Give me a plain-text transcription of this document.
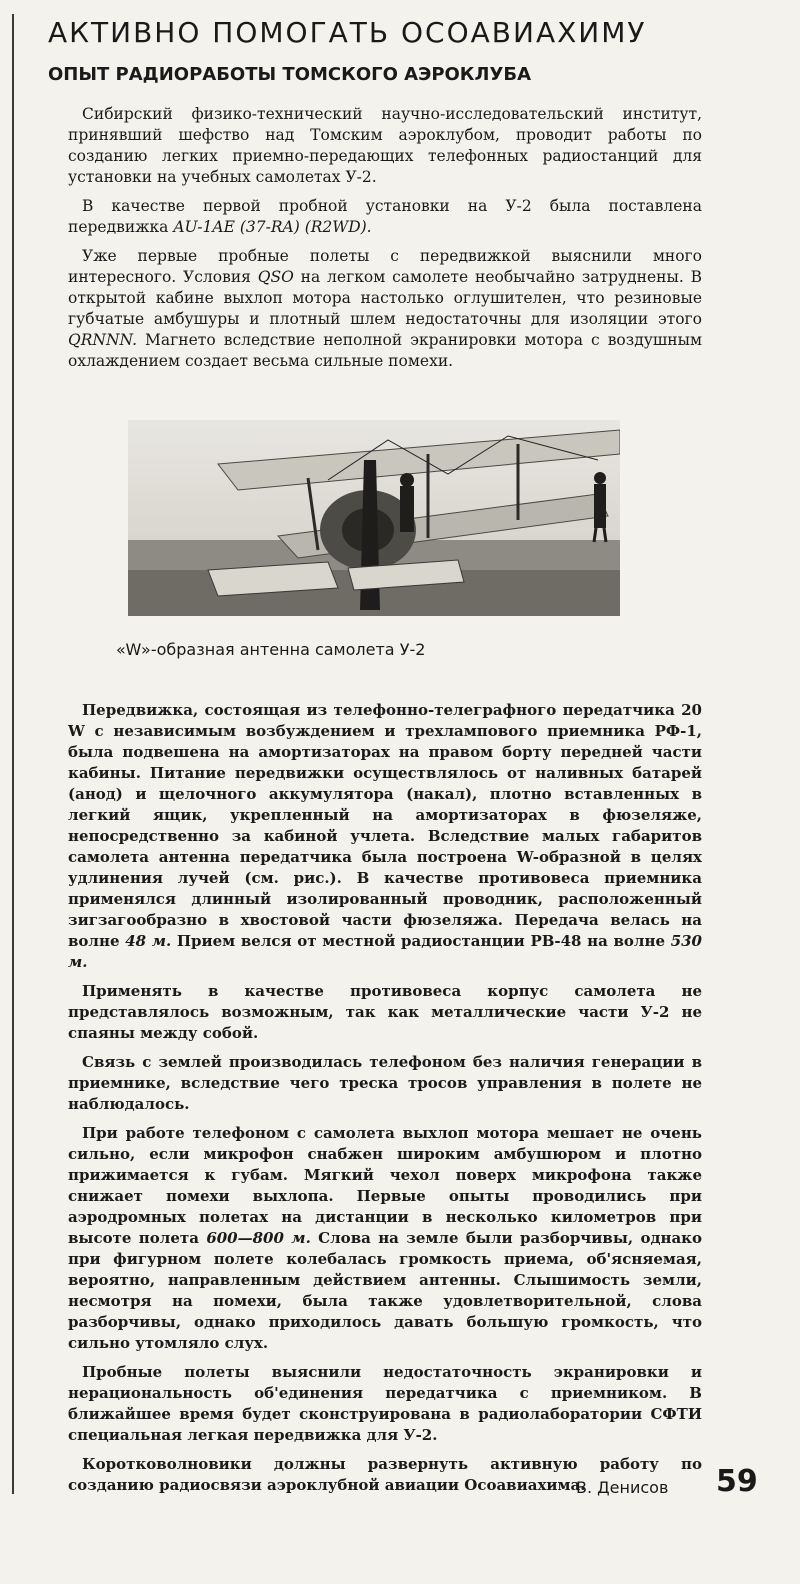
АКТИВНО ПОМОГАТЬ ОСОАВИАХИМУ
ОПЫТ РАДИОРАБОТЫ ТОМСКОГО АЭРОКЛУБА

Сибирский физико-технический научно-исследовательский институт, принявший шефство над Томским аэроклубом, проводит работы по созданию легких приемно-передающих телефонных радиостанций для установки на учебных самолетах У-2.

В качестве первой пробной установки на У-2 была поставлена передвижка AU-1AE (37-RA) (R2WD).

Уже первые пробные полеты с передвижкой выяснили много интересного. Условия QSO на легком самолете необычайно затруднены. В открытой кабине выхлоп мотора настолько оглушителен, что резиновые губчатые амбушуры и плотный шлем недостаточны для изоляции этого QRNNN. Магнето вследствие неполной экранировки мотора с воздушным охлаждением создает весьма сильные помехи.

«W»-образная антенна самолета У-2

Передвижка, состоящая из телефонно-телеграфного передатчика 20 W с независимым возбуждением и трехлампового приемника РФ-1, была подвешена на амортизаторах на правом борту передней части кабины. Питание передвижки осуществлялось от наливных батарей (анод) и щелочного аккумулятора (накал), плотно вставленных в легкий ящик, укрепленный на амортизаторах в фюзеляже, непосредственно за кабиной учлета. Вследствие малых габаритов самолета антенна передатчика была построена W-образной в целях удлинения лучей (см. рис.). В качестве противовеса приемника применялся длинный изолированный проводник, расположенный зигзагообразно в хвостовой части фюзеляжа. Передача велась на волне 48 м. Прием велся от местной радиостанции РВ-48 на волне 530 м.

Применять в качестве противовеса корпус самолета не представлялось возможным, так как металлические части У-2 не спаяны между собой.

Связь с землей производилась телефоном без наличия генерации в приемнике, вследствие чего треска тросов управления в полете не наблюдалось.

При работе телефоном с самолета выхлоп мотора мешает не очень сильно, если микрофон снабжен широким амбушюром и плотно прижимается к губам. Мягкий чехол поверх микрофона также снижает помехи выхлопа. Первые опыты проводились при аэродромных полетах на дистанции в несколько километров при высоте полета 600—800 м. Слова на земле были разборчивы, однако при фигурном полете колебалась громкость приема, об'ясняемая, вероятно, направленным действием антенны. Слышимость земли, несмотря на помехи, была также удовлетворительной, слова разборчивы, однако приходилось давать большую громкость, что сильно утомляло слух.

Пробные полеты выяснили недостаточность экранировки и нерациональность об'единения передатчика с приемником. В ближайшее время будет сконструирована в радиолаборатории СФТИ специальная легкая передвижка для У-2.

Коротковолновики должны развернуть активную работу по созданию радиосвязи аэроклубной авиации Осоавиахима.

В. Денисов 59
